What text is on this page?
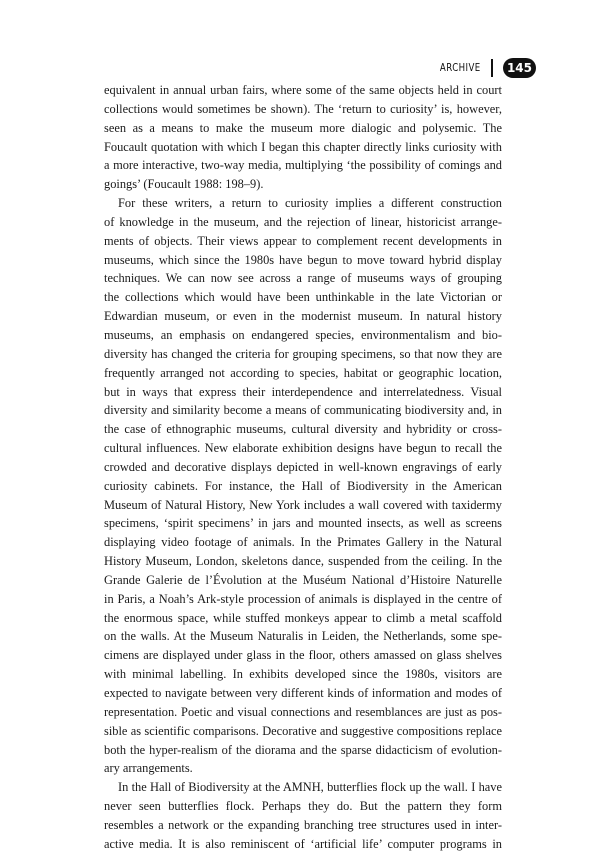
ARCHIVE	145
equivalent in annual urban fairs, where some of the same objects held in court
collections would sometimes be shown). The ‘return to curiosity’ is, however,
seen as a means to make the museum more dialogic and polysemic. The
Foucault quotation with which I began this chapter directly links curiosity with
a more interactive, two-way media, multiplying ‘the possibility of comings and
goings’ (Foucault 1988: 198–9).
For these writers, a return to curiosity implies a different construction
of knowledge in the museum, and the rejection of linear, historicist arrange-
ments of objects. Their views appear to complement recent developments in
museums, which since the 1980s have begun to move toward hybrid display
techniques. We can now see across a range of museums ways of grouping
the collections which would have been unthinkable in the late Victorian or
Edwardian museum, or even in the modernist museum. In natural history
museums, an emphasis on endangered species, environmentalism and bio-
diversity has changed the criteria for grouping specimens, so that now they are
frequently arranged not according to species, habitat or geographic location,
but in ways that express their interdependence and interrelatedness. Visual
diversity and similarity become a means of communicating biodiversity and, in
the case of ethnographic museums, cultural diversity and hybridity or cross-
cultural influences. New elaborate exhibition designs have begun to recall the
crowded and decorative displays depicted in well-known engravings of early
curiosity cabinets. For instance, the Hall of Biodiversity in the American
Museum of Natural History, New York includes a wall covered with taxidermy
specimens, ‘spirit specimens’ in jars and mounted insects, as well as screens
displaying video footage of animals. In the Primates Gallery in the Natural
History Museum, London, skeletons dance, suspended from the ceiling. In the
Grande Galerie de l’Évolution at the Muséum National d’Histoire Naturelle
in Paris, a Noah’s Ark-style procession of animals is displayed in the centre of
the enormous space, while stuffed monkeys appear to climb a metal scaffold
on the walls. At the Museum Naturalis in Leiden, the Netherlands, some spe-
cimens are displayed under glass in the floor, others amassed on glass shelves
with minimal labelling. In exhibits developed since the 1980s, visitors are
expected to navigate between very different kinds of information and modes of
representation. Poetic and visual connections and resemblances are just as pos-
sible as scientific comparisons. Decorative and suggestive compositions replace
both the hyper-realism of the diorama and the sparse didacticism of evolution-
ary arrangements.
In the Hall of Biodiversity at the AMNH, butterflies flock up the wall. I have
never seen butterflies flock. Perhaps they do. But the pattern they form
resembles a network or the expanding branching tree structures used in inter-
active media. It is also reminiscent of ‘artificial life’ computer programs in
